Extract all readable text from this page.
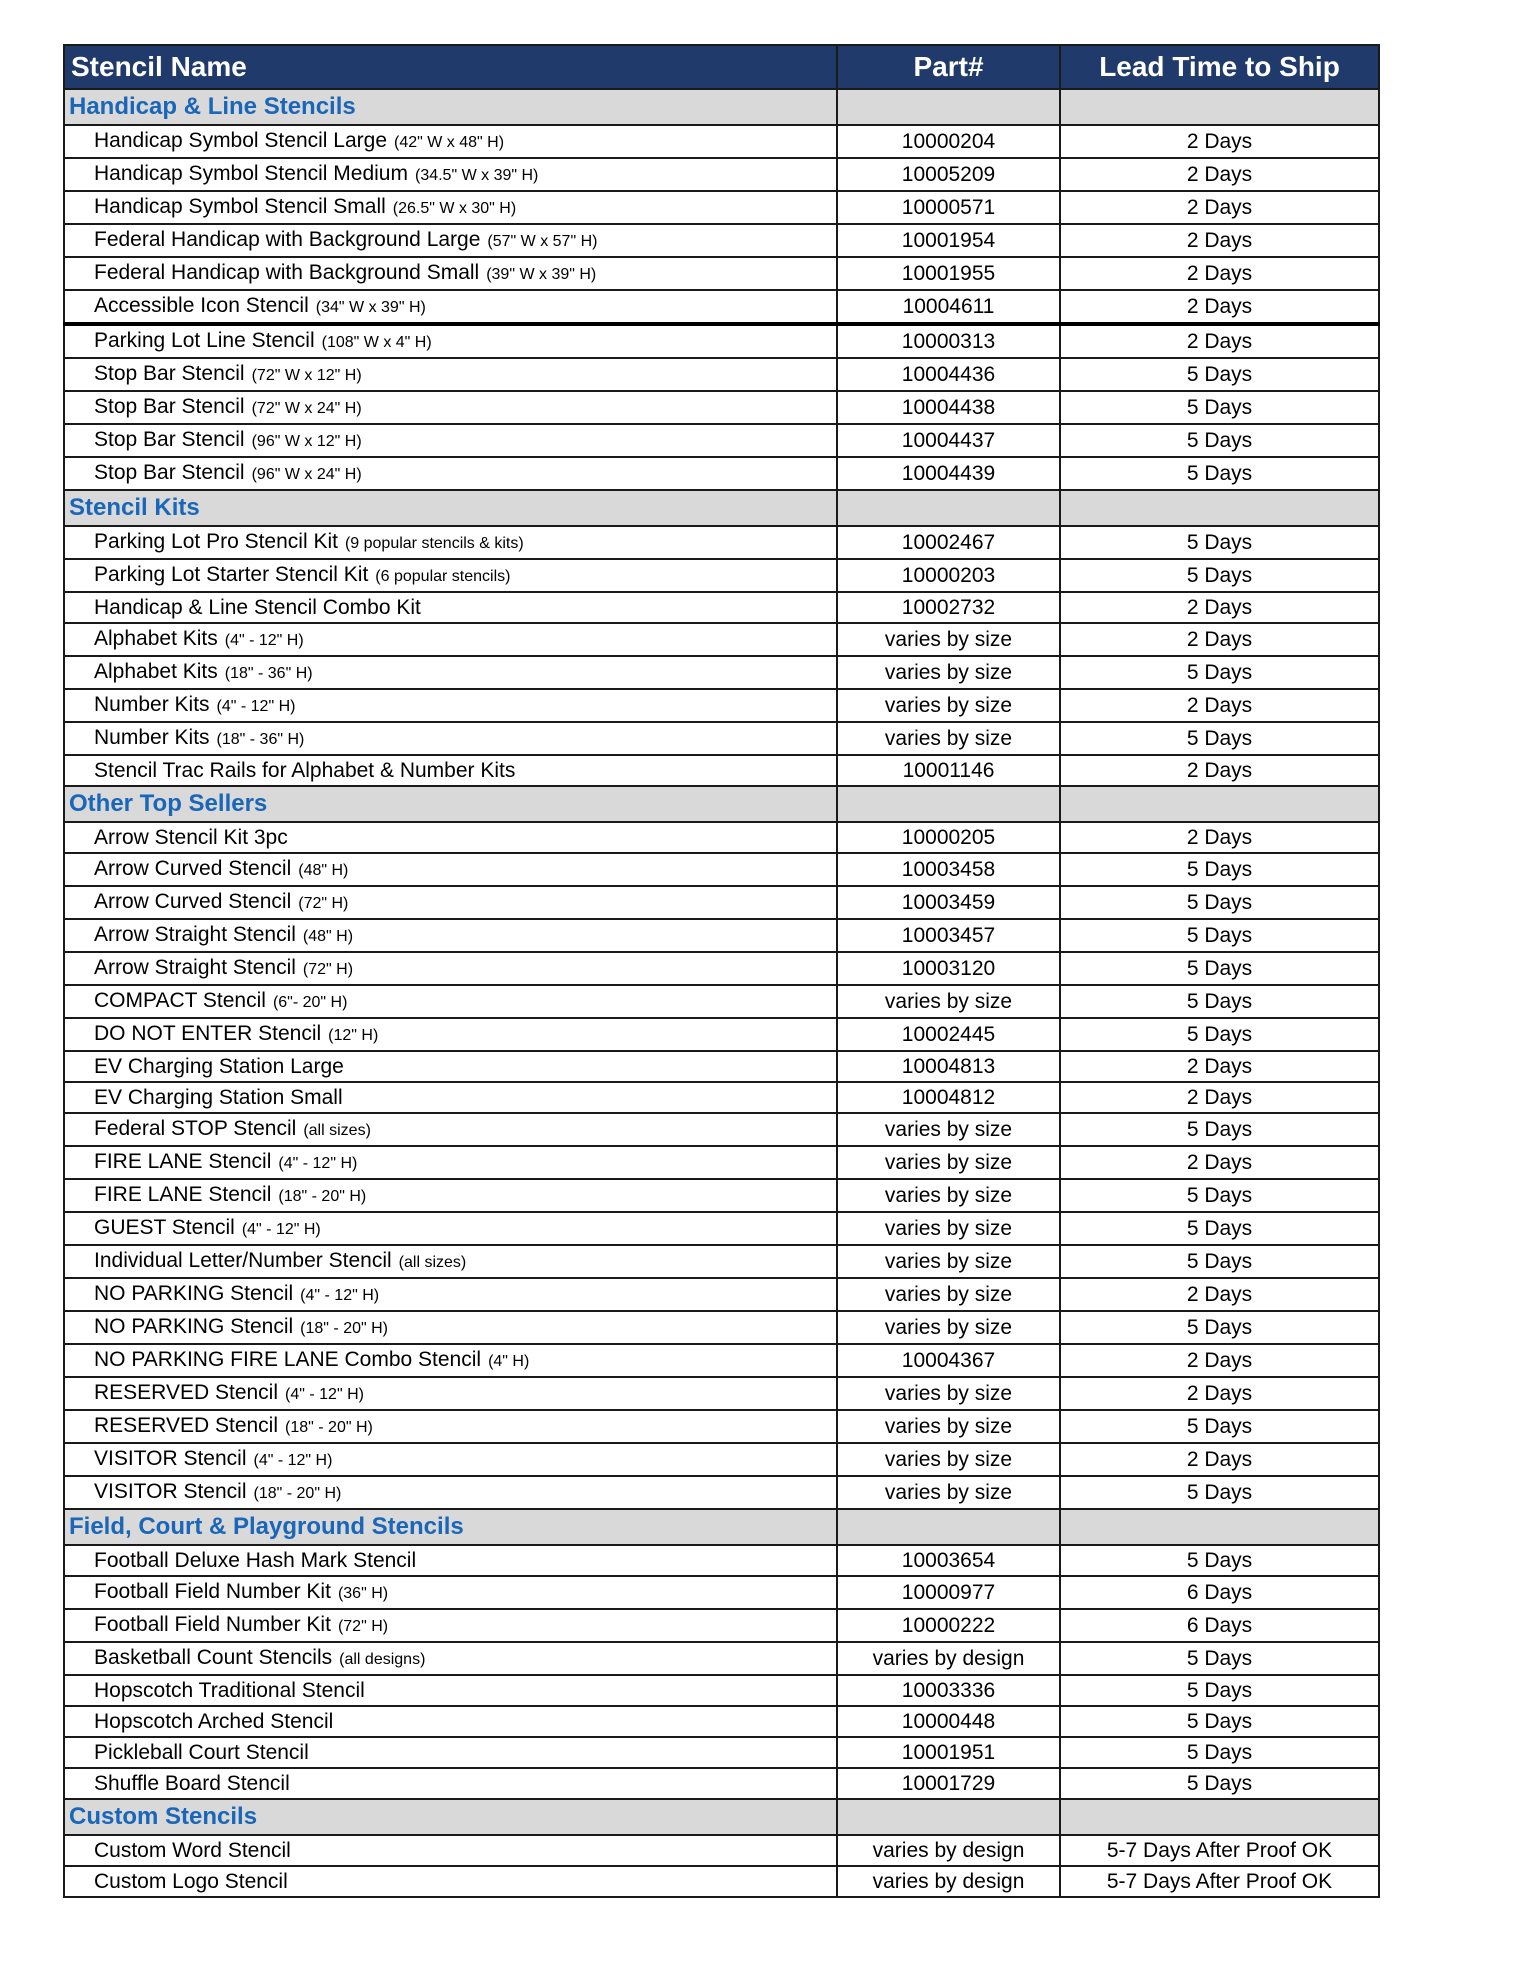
Stencil Name	Part#	Lead Time to Ship
Handicap & Line Stencils		
Handicap Symbol Stencil Large (42" W x 48" H)	10000204	2 Days
Handicap Symbol Stencil Medium (34.5" W x 39" H)	10005209	2 Days
Handicap Symbol Stencil Small (26.5" W x 30" H)	10000571	2 Days
Federal Handicap with Background Large (57" W x 57" H)	10001954	2 Days
Federal Handicap with Background Small (39" W x 39" H)	10001955	2 Days
Accessible Icon Stencil (34" W x 39" H)	10004611	2 Days
Parking Lot Line Stencil (108" W x 4" H)	10000313	2 Days
Stop Bar Stencil (72" W x 12" H)	10004436	5 Days
Stop Bar Stencil (72" W x 24" H)	10004438	5 Days
Stop Bar Stencil (96" W x 12" H)	10004437	5 Days
Stop Bar Stencil (96" W x 24" H)	10004439	5 Days
Stencil Kits		
Parking Lot Pro Stencil Kit (9 popular stencils & kits)	10002467	5 Days
Parking Lot Starter Stencil Kit (6 popular stencils)	10000203	5 Days
Handicap & Line Stencil Combo Kit	10002732	2 Days
Alphabet Kits (4" - 12" H)	varies by size	2 Days
Alphabet Kits (18" - 36" H)	varies by size	5 Days
Number Kits (4" - 12" H)	varies by size	2 Days
Number Kits (18" - 36" H)	varies by size	5 Days
Stencil Trac Rails for Alphabet & Number Kits	10001146	2 Days
Other Top Sellers		
Arrow Stencil Kit 3pc	10000205	2 Days
Arrow Curved Stencil (48" H)	10003458	5 Days
Arrow Curved Stencil (72" H)	10003459	5 Days
Arrow Straight Stencil (48" H)	10003457	5 Days
Arrow Straight Stencil (72" H)	10003120	5 Days
COMPACT Stencil (6"- 20" H)	varies by size	5 Days
DO NOT ENTER Stencil (12" H)	10002445	5 Days
EV Charging Station Large	10004813	2 Days
EV Charging Station Small	10004812	2 Days
Federal STOP Stencil (all sizes)	varies by size	5 Days
FIRE LANE Stencil (4" - 12" H)	varies by size	2 Days
FIRE LANE Stencil (18" - 20" H)	varies by size	5 Days
GUEST Stencil (4" - 12" H)	varies by size	5 Days
Individual Letter/Number Stencil (all sizes)	varies by size	5 Days
NO PARKING Stencil (4" - 12" H)	varies by size	2 Days
NO PARKING Stencil (18" - 20" H)	varies by size	5 Days
NO PARKING FIRE LANE Combo Stencil (4" H)	10004367	2 Days
RESERVED Stencil (4" - 12" H)	varies by size	2 Days
RESERVED Stencil (18" - 20" H)	varies by size	5 Days
VISITOR Stencil (4" - 12" H)	varies by size	2 Days
VISITOR Stencil (18" - 20" H)	varies by size	5 Days
Field, Court & Playground Stencils		
Football Deluxe Hash Mark Stencil	10003654	5 Days
Football Field Number Kit (36" H)	10000977	6 Days
Football Field Number Kit (72" H)	10000222	6 Days
Basketball Count Stencils (all designs)	varies by design	5 Days
Hopscotch Traditional Stencil	10003336	5 Days
Hopscotch Arched Stencil	10000448	5 Days
Pickleball Court Stencil	10001951	5 Days
Shuffle Board Stencil	10001729	5 Days
Custom Stencils		
Custom Word Stencil	varies by design	5-7 Days After Proof OK
Custom Logo Stencil	varies by design	5-7 Days After Proof OK
